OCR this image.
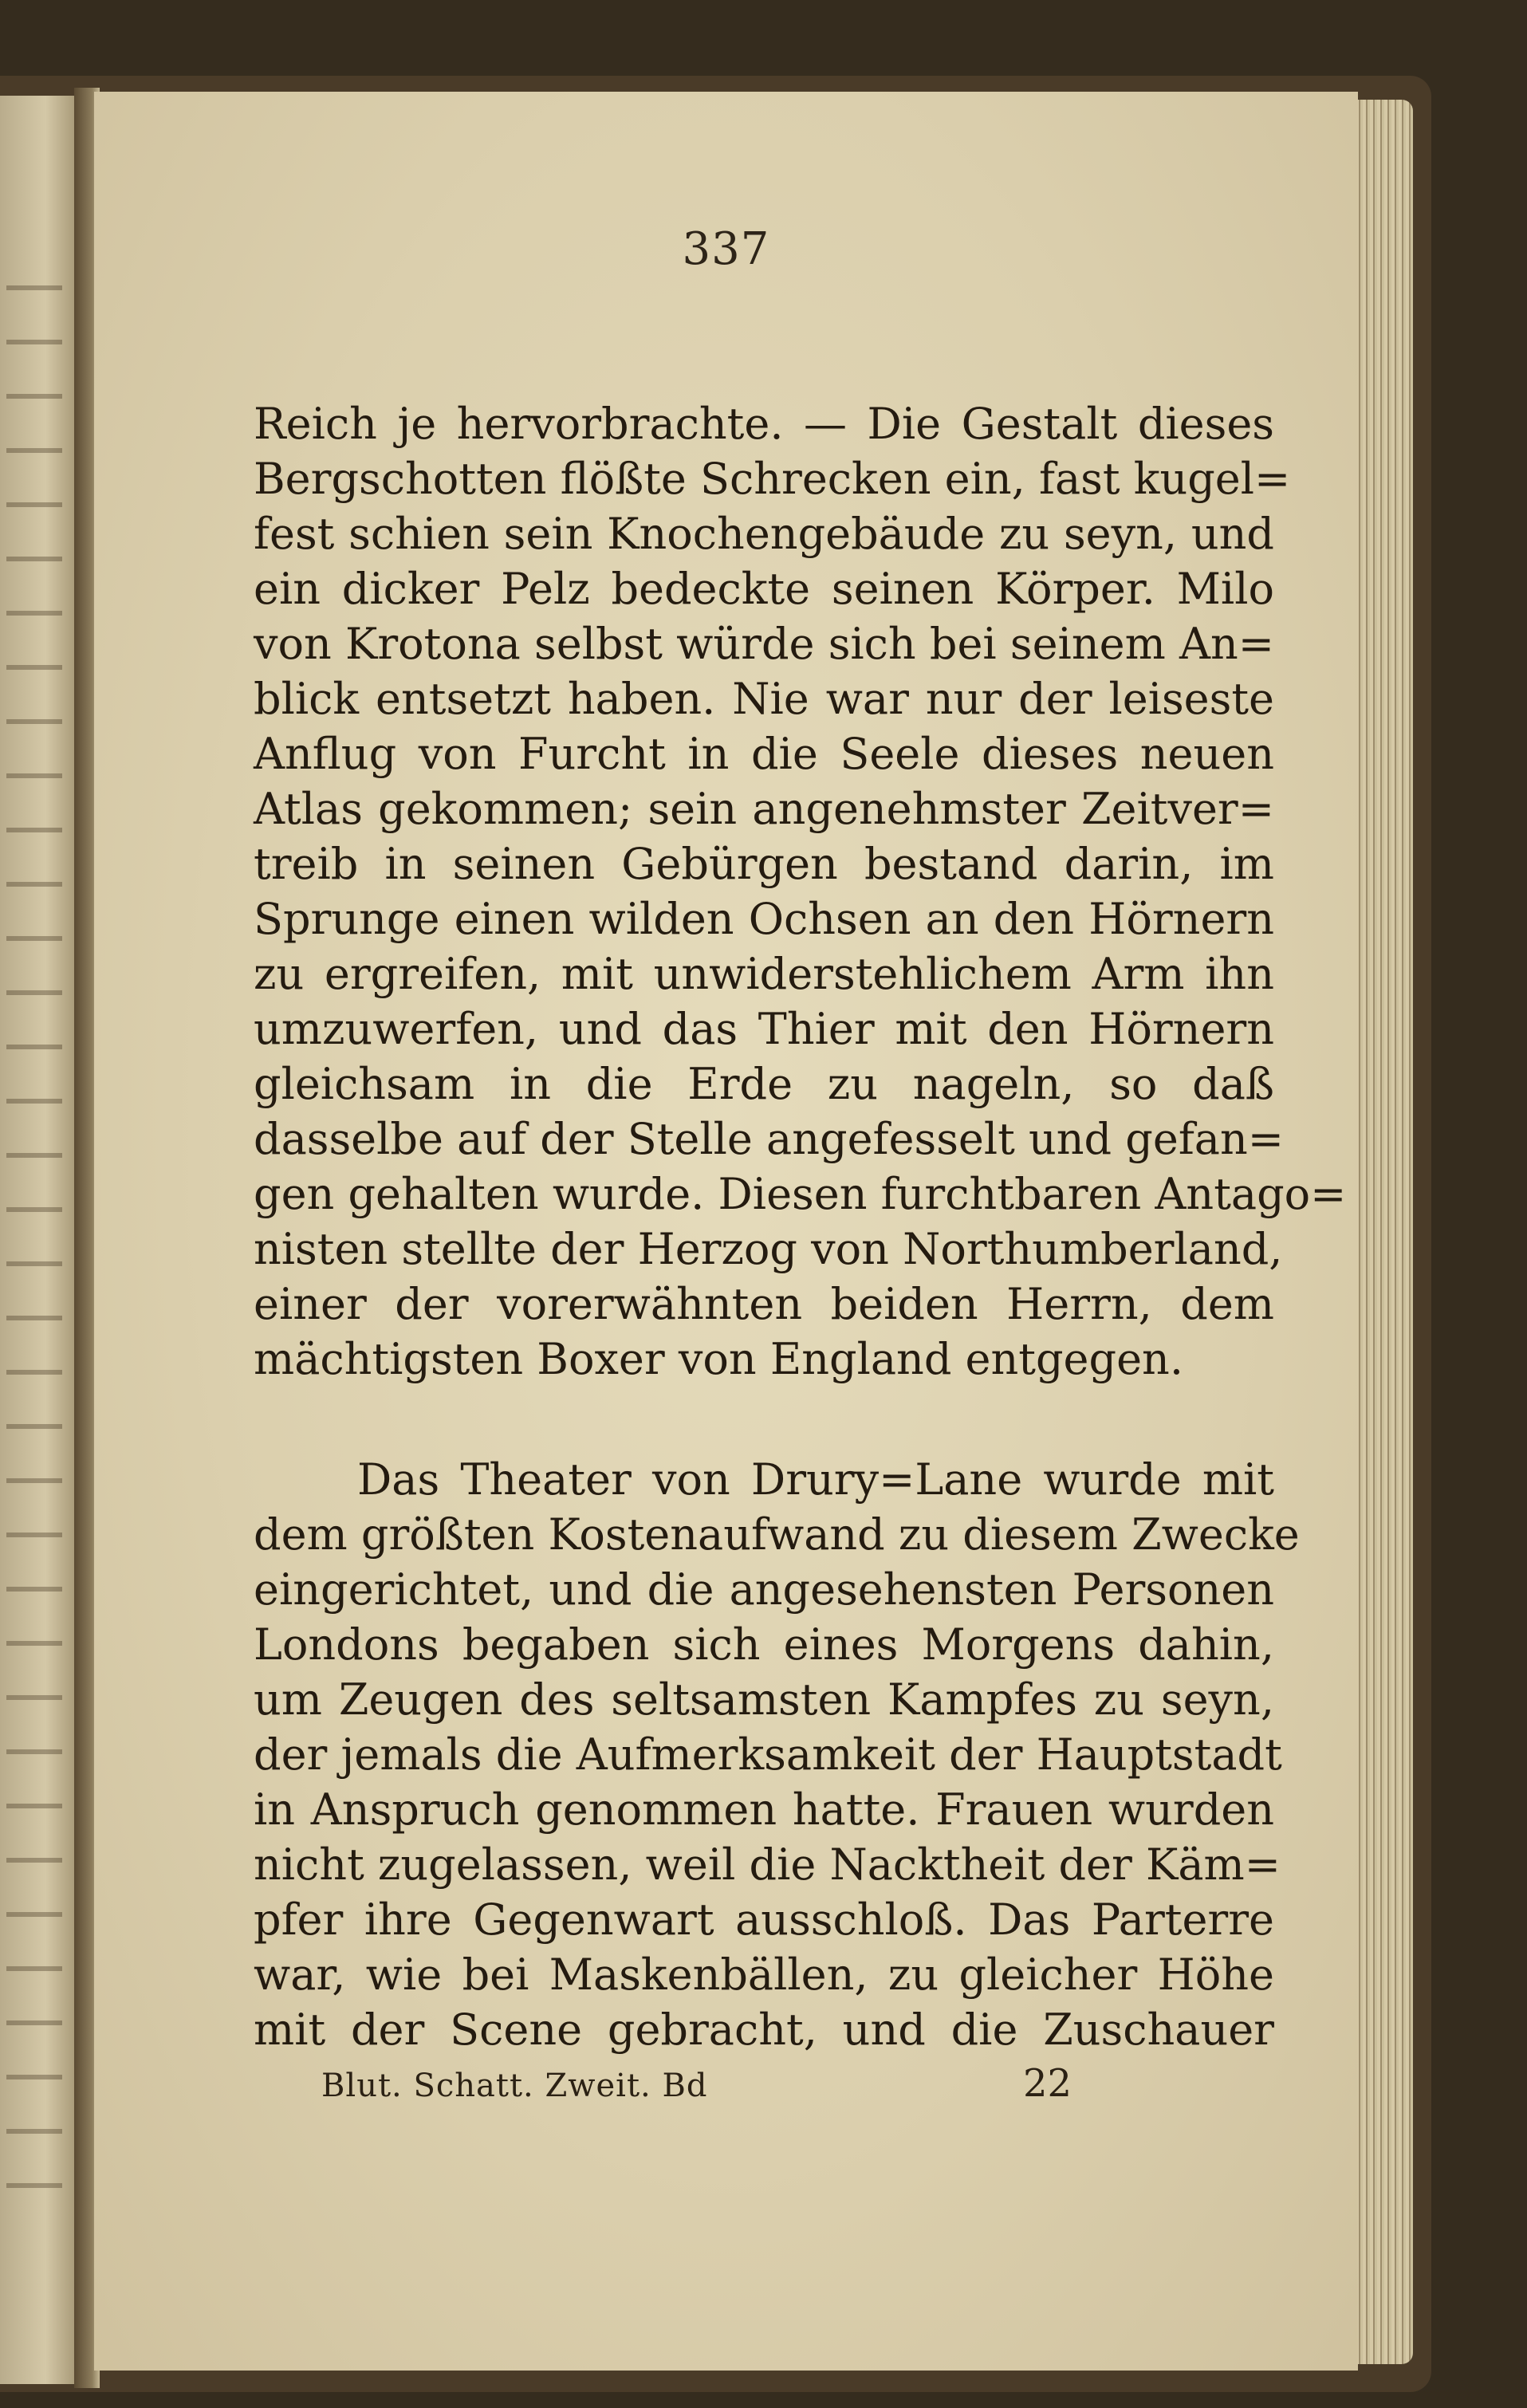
337
Reich je hervorbrachte. — Die Gestalt dieses
Bergschotten flößte Schrecken ein, fast kugel=
fest schien sein Knochengebäude zu seyn, und
ein dicker Pelz bedeckte seinen Körper. Milo
von Krotona selbst würde sich bei seinem An=
blick entsetzt haben. Nie war nur der leiseste
Anflug von Furcht in die Seele dieses neuen
Atlas gekommen; sein angenehmster Zeitver=
treib in seinen Gebürgen bestand darin, im
Sprunge einen wilden Ochsen an den Hörnern
zu ergreifen, mit unwiderstehlichem Arm ihn
umzuwerfen, und das Thier mit den Hörnern
gleichsam in die Erde zu nageln, so daß
dasselbe auf der Stelle angefesselt und gefan=
gen gehalten wurde. Diesen furchtbaren Antago=
nisten stellte der Herzog von Northumberland,
einer der vorerwähnten beiden Herrn, dem
mächtigsten Boxer von England entgegen.
Das Theater von Drury=Lane wurde mit
dem größten Kostenaufwand zu diesem Zwecke
eingerichtet, und die angesehensten Personen
Londons begaben sich eines Morgens dahin,
um Zeugen des seltsamsten Kampfes zu seyn,
der jemals die Aufmerksamkeit der Hauptstadt
in Anspruch genommen hatte. Frauen wurden
nicht zugelassen, weil die Nacktheit der Käm=
pfer ihre Gegenwart ausschloß. Das Parterre
war, wie bei Maskenbällen, zu gleicher Höhe
mit der Scene gebracht, und die Zuschauer
Blut. Schatt. Zweit. Bd	22
